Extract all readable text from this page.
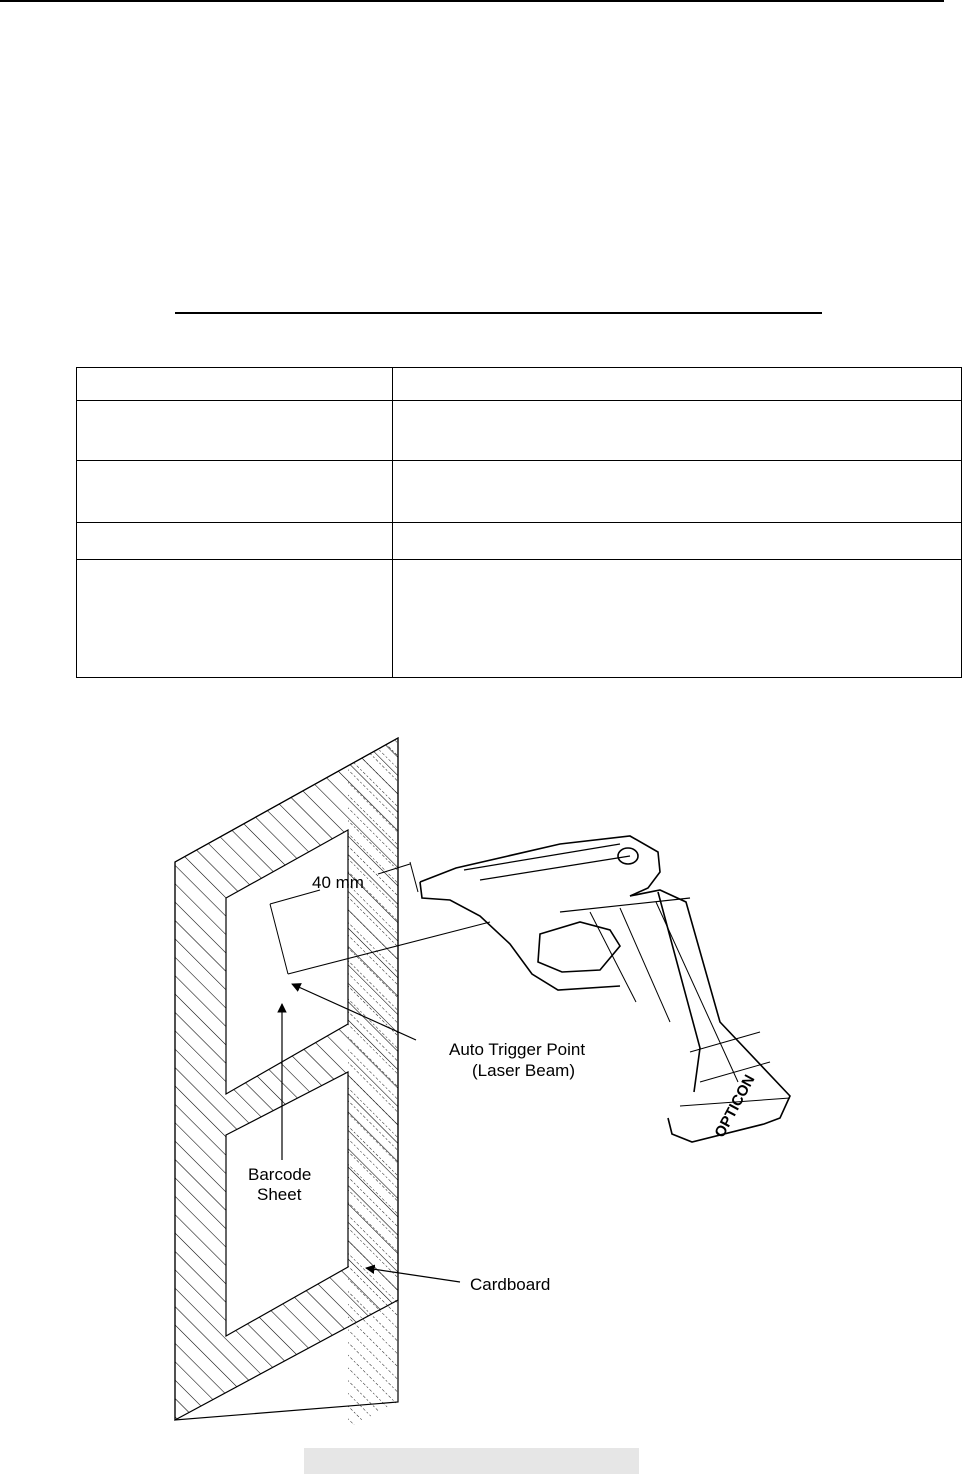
40 mm
OPTICON
Auto Trigger Point
(Laser Beam)
Barcode
Sheet
Cardboard
